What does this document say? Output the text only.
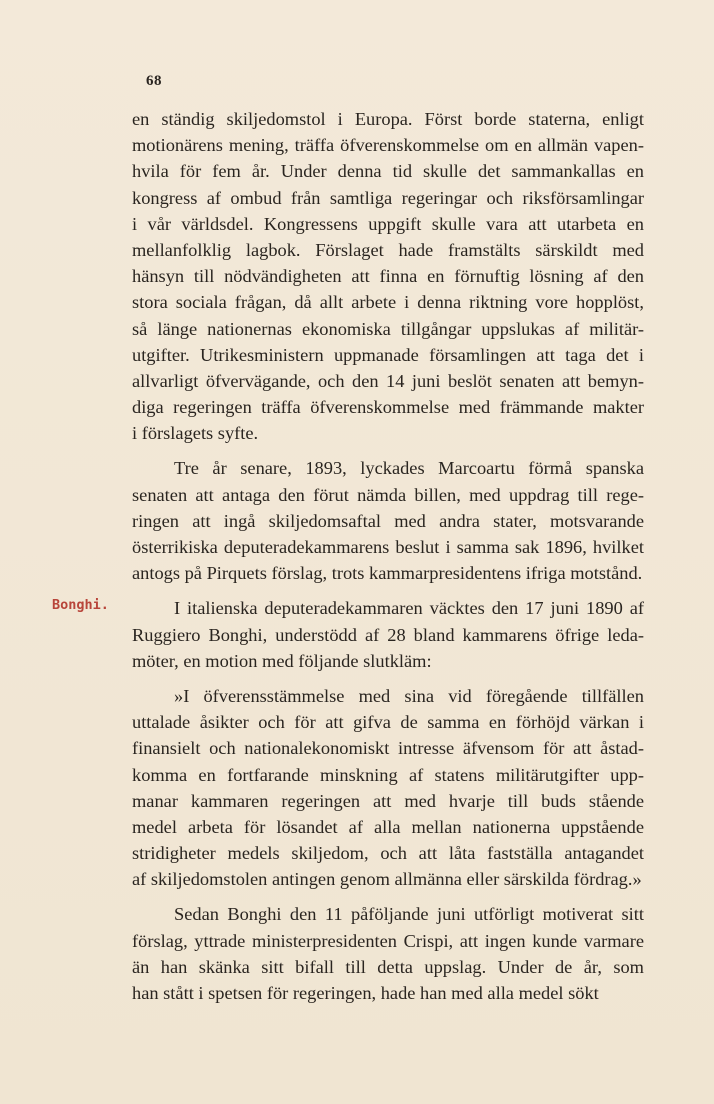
68
Bonghi.
en ständig skiljedomstol i Europa. Först borde staterna, enligt
motionärens mening, träffa öfverenskommelse om en allmän vapen-
hvila för fem år. Under denna tid skulle det sammankallas en
kongress af ombud från samtliga regeringar och riksförsamlingar
i vår världsdel. Kongressens uppgift skulle vara att utarbeta en
mellanfolklig lagbok. Förslaget hade framstälts särskildt med
hänsyn till nödvändigheten att finna en förnuftig lösning af den
stora sociala frågan, då allt arbete i denna riktning vore hopplöst,
så länge nationernas ekonomiska tillgångar uppslukas af militär-
utgifter. Utrikesministern uppmanade församlingen att taga det i
allvarligt öfvervägande, och den 14 juni beslöt senaten att bemyn-
diga regeringen träffa öfverenskommelse med främmande makter
i förslagets syfte.
Tre år senare, 1893, lyckades Marcoartu förmå spanska
senaten att antaga den förut nämda billen, med uppdrag till rege-
ringen att ingå skiljedomsaftal med andra stater, motsvarande
österrikiska deputeradekammarens beslut i samma sak 1896, hvilket
antogs på Pirquets förslag, trots kammarpresidentens ifriga motstånd.
I italienska deputeradekammaren väcktes den 17 juni 1890 af
Ruggiero Bonghi, understödd af 28 bland kammarens öfrige leda-
möter, en motion med följande slutkläm:
»I öfverensstämmelse med sina vid föregående tillfällen
uttalade åsikter och för att gifva de samma en förhöjd värkan i
finansielt och nationalekonomiskt intresse äfvensom för att åstad-
komma en fortfarande minskning af statens militärutgifter upp-
manar kammaren regeringen att med hvarje till buds stående
medel arbeta för lösandet af alla mellan nationerna uppstående
stridigheter medels skiljedom, och att låta fastställa antagandet
af skiljedomstolen antingen genom allmänna eller särskilda fördrag.»
Sedan Bonghi den 11 påföljande juni utförligt motiverat sitt
förslag, yttrade ministerpresidenten Crispi, att ingen kunde varmare
än han skänka sitt bifall till detta uppslag. Under de år, som
han stått i spetsen för regeringen, hade han med alla medel sökt
